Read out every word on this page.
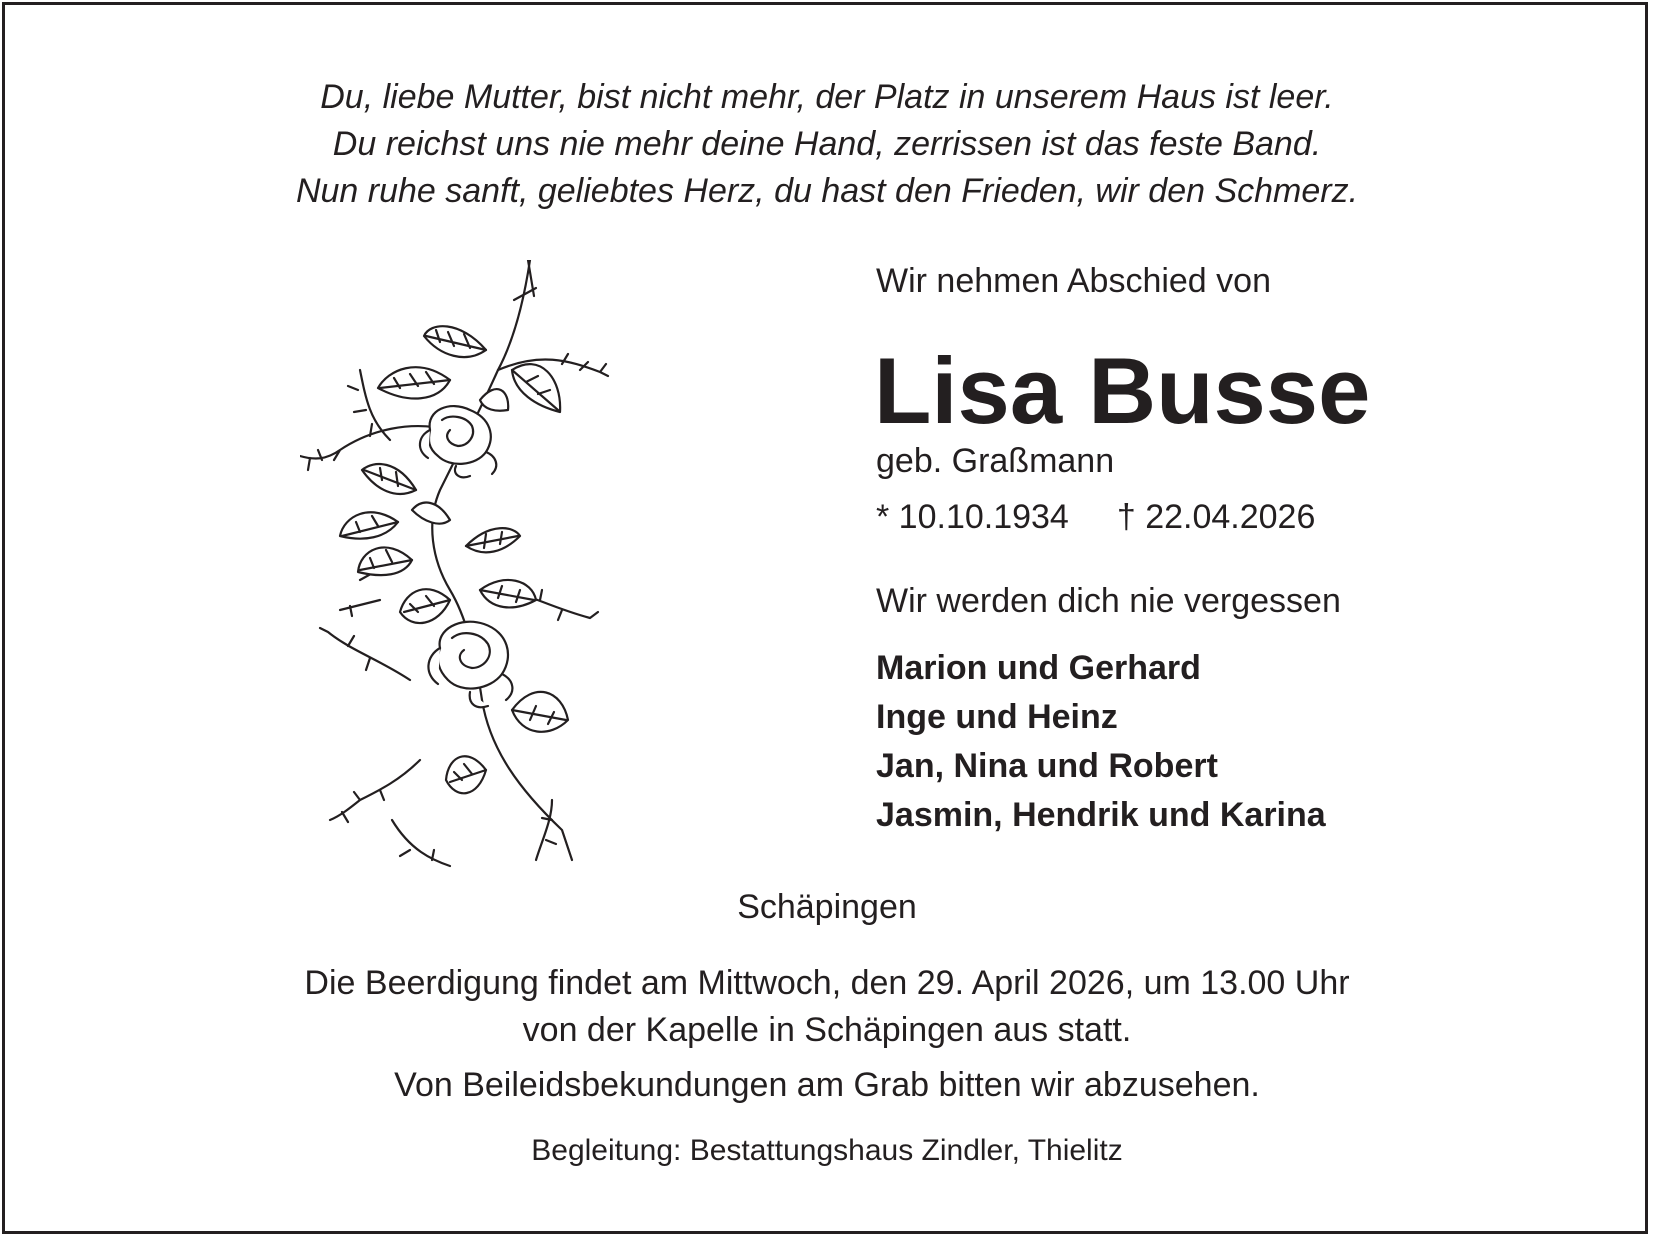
Du, liebe Mutter, bist nicht mehr, der Platz in unserem Haus ist leer.
Du reichst uns nie mehr deine Hand, zerrissen ist das feste Band.
Nun ruhe sanft, geliebtes Herz, du hast den Frieden, wir den Schmerz.
Wir nehmen Abschied von
Lisa Busse
geb. Graßmann
* 10.10.1934 † 22.04.2026
Wir werden dich nie vergessen
Marion und Gerhard
Inge und Heinz
Jan, Nina und Robert
Jasmin, Hendrik und Karina
Schäpingen
Die Beerdigung findet am Mittwoch, den 29. April 2026, um 13.00 Uhr
von der Kapelle in Schäpingen aus statt.
Von Beileidsbekundungen am Grab bitten wir abzusehen.
Begleitung: Bestattungshaus Zindler, Thielitz
